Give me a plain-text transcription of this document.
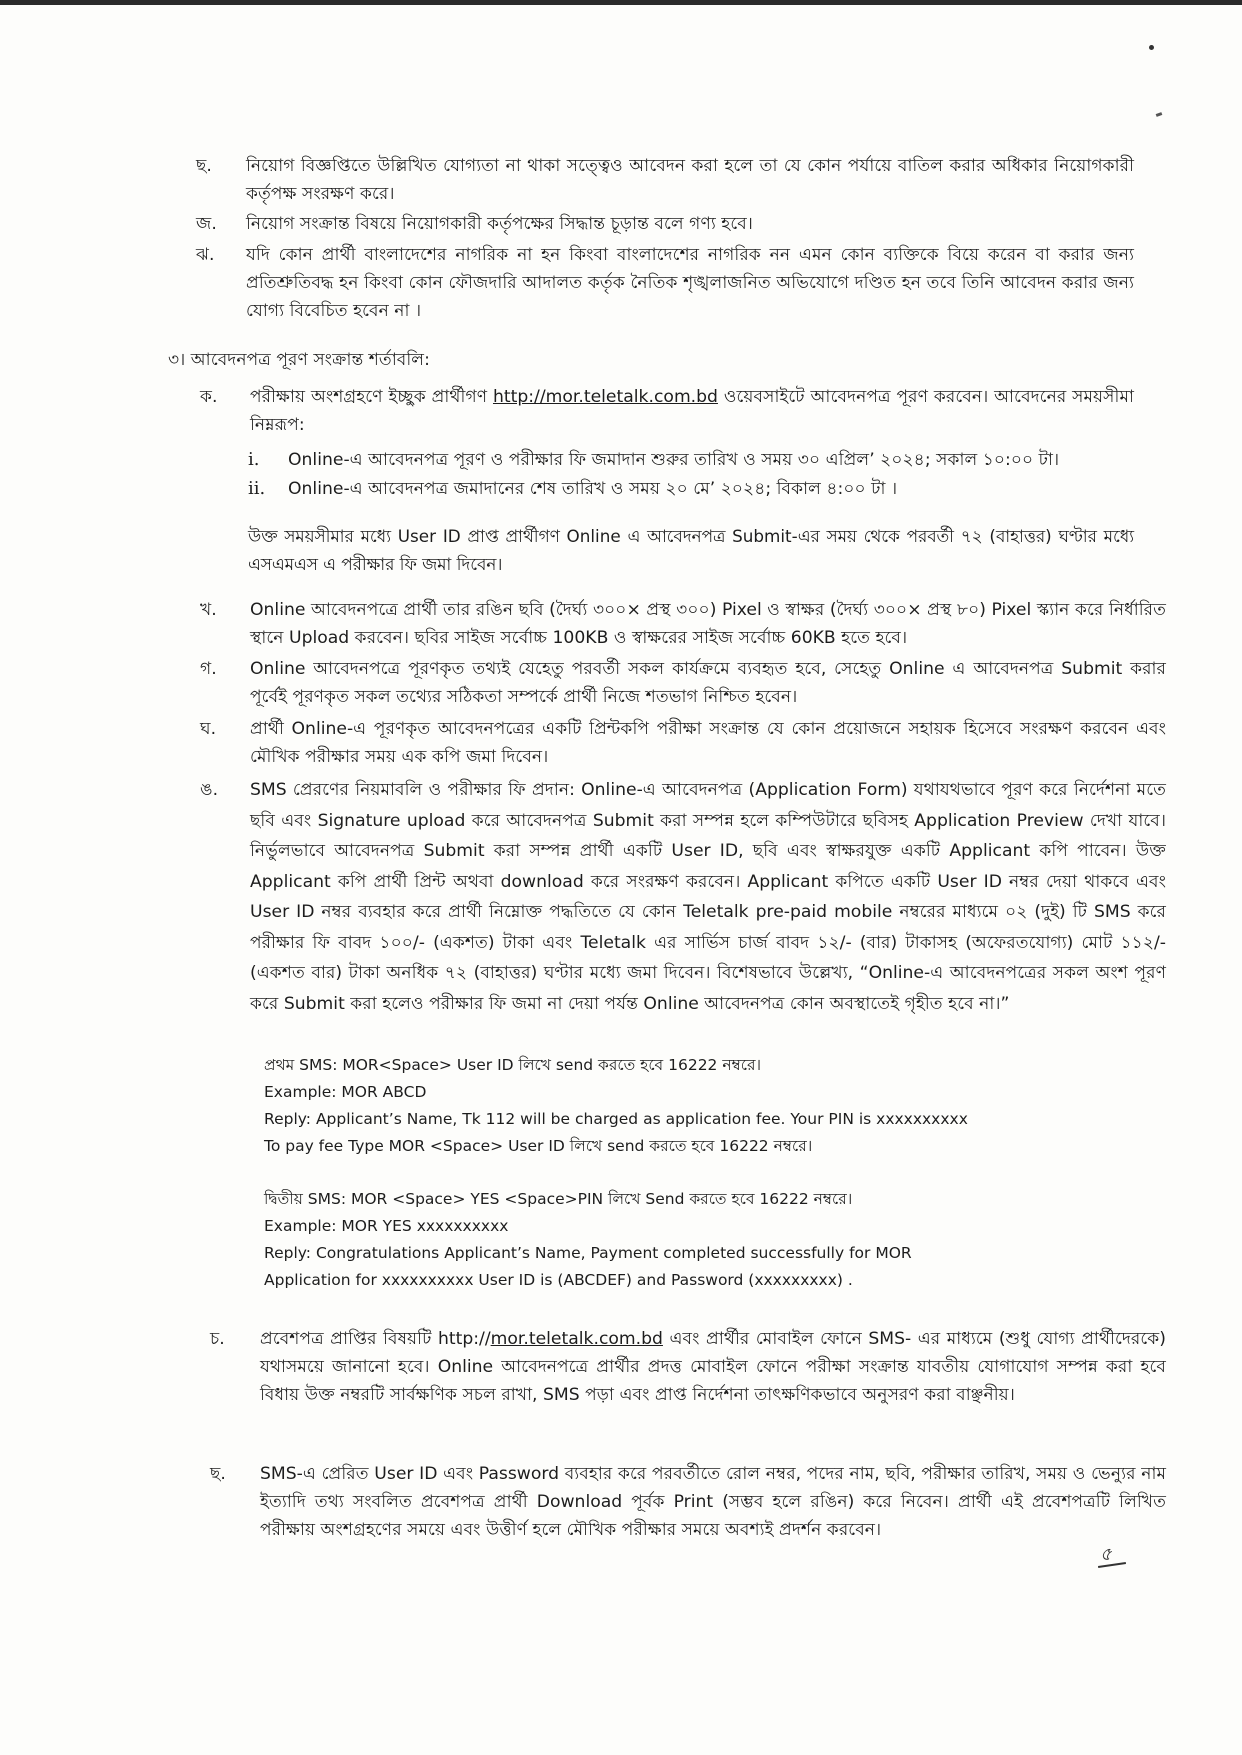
ছ.	নিয়োগ বিজ্ঞপ্তিতে উল্লিখিত যোগ্যতা না থাকা সত্ত্বেও আবেদন করা হলে তা যে কোন পর্যায়ে বাতিল করার অধিকার নিয়োগকারী কর্তৃপক্ষ সংরক্ষণ করে।
জ.	নিয়োগ সংক্রান্ত বিষয়ে নিয়োগকারী কর্তৃপক্ষের সিদ্ধান্ত চূড়ান্ত বলে গণ্য হবে।
ঝ.	যদি কোন প্রার্থী বাংলাদেশের নাগরিক না হন কিংবা বাংলাদেশের নাগরিক নন এমন কোন ব্যক্তিকে বিয়ে করেন বা করার জন্য প্রতিশ্রুতিবদ্ধ হন কিংবা কোন ফৌজদারি আদালত কর্তৃক নৈতিক শৃঙ্খলাজনিত অভিযোগে দণ্ডিত হন তবে তিনি আবেদন করার জন্য যোগ্য বিবেচিত হবেন না ।
৩। আবেদনপত্র পূরণ সংক্রান্ত শর্তাবলি:
ক.	পরীক্ষায় অংশগ্রহণে ইচ্ছুক প্রার্থীগণ http://mor.teletalk.com.bd ওয়েবসাইটে আবেদনপত্র পূরণ করবেন। আবেদনের সময়সীমা নিম্নরূপ:
i. Online-এ আবেদনপত্র পূরণ ও পরীক্ষার ফি জমাদান শুরুর তারিখ ও সময় ৩০ এপ্রিল’ ২০২৪; সকাল ১০:০০ টা।
ii. Online-এ আবেদনপত্র জমাদানের শেষ তারিখ ও সময় ২০ মে’ ২০২৪; বিকাল ৪:০০ টা ।
উক্ত সময়সীমার মধ্যে User ID প্রাপ্ত প্রার্থীগণ Online এ আবেদনপত্র Submit-এর সময় থেকে পরবর্তী ৭২ (বাহাত্তর) ঘণ্টার মধ্যে এসএমএস এ পরীক্ষার ফি জমা দিবেন।
খ.	Online আবেদনপত্রে প্রার্থী তার রঙিন ছবি (দৈর্ঘ্য ৩০০× প্রস্থ ৩০০) Pixel ও স্বাক্ষর (দৈর্ঘ্য ৩০০× প্রস্থ ৮০) Pixel স্ক্যান করে নির্ধারিত স্থানে Upload করবেন। ছবির সাইজ সর্বোচ্চ 100KB ও স্বাক্ষরের সাইজ সর্বোচ্চ 60KB হতে হবে।
গ.	Online আবেদনপত্রে পূরণকৃত তথ্যই যেহেতু পরবর্তী সকল কার্যক্রমে ব্যবহৃত হবে, সেহেতু Online এ আবেদনপত্র Submit করার পূর্বেই পূরণকৃত সকল তথ্যের সঠিকতা সম্পর্কে প্রার্থী নিজে শতভাগ নিশ্চিত হবেন।
ঘ.	প্রার্থী Online-এ পূরণকৃত আবেদনপত্রের একটি প্রিন্টকপি পরীক্ষা সংক্রান্ত যে কোন প্রয়োজনে সহায়ক হিসেবে সংরক্ষণ করবেন এবং মৌখিক পরীক্ষার সময় এক কপি জমা দিবেন।
ঙ.	SMS প্রেরণের নিয়মাবলি ও পরীক্ষার ফি প্রদান: Online-এ আবেদনপত্র (Application Form) যথাযথভাবে পূরণ করে নির্দেশনা মতে ছবি এবং Signature upload করে আবেদনপত্র Submit করা সম্পন্ন হলে কম্পিউটারে ছবিসহ Application Preview দেখা যাবে। নির্ভুলভাবে আবেদনপত্র Submit করা সম্পন্ন প্রার্থী একটি User ID, ছবি এবং স্বাক্ষরযুক্ত একটি Applicant কপি পাবেন। উক্ত Applicant কপি প্রার্থী প্রিন্ট অথবা download করে সংরক্ষণ করবেন। Applicant কপিতে একটি User ID নম্বর দেয়া থাকবে এবং User ID নম্বর ব্যবহার করে প্রার্থী নিম্নোক্ত পদ্ধতিতে যে কোন Teletalk pre-paid mobile নম্বরের মাধ্যমে ০২ (দুই) টি SMS করে পরীক্ষার ফি বাবদ ১০০/- (একশত) টাকা এবং Teletalk এর সার্ভিস চার্জ বাবদ ১২/- (বার) টাকাসহ (অফেরতযোগ্য) মোট ১১২/- (একশত বার) টাকা অনধিক ৭২ (বাহাত্তর) ঘণ্টার মধ্যে জমা দিবেন। বিশেষভাবে উল্লেখ্য, “Online-এ আবেদনপত্রের সকল অংশ পূরণ করে Submit করা হলেও পরীক্ষার ফি জমা না দেয়া পর্যন্ত Online আবেদনপত্র কোন অবস্থাতেই গৃহীত হবে না।”
প্রথম SMS: MOR<Space> User ID লিখে send করতে হবে 16222 নম্বরে।
Example: MOR ABCD
Reply: Applicant’s Name, Tk 112 will be charged as application fee. Your PIN is xxxxxxxxxx
To pay fee Type MOR <Space> User ID লিখে send করতে হবে 16222 নম্বরে।
দ্বিতীয় SMS: MOR <Space> YES <Space>PIN লিখে Send করতে হবে 16222 নম্বরে।
Example: MOR YES xxxxxxxxxx
Reply: Congratulations Applicant’s Name, Payment completed successfully for MOR
Application for xxxxxxxxxx User ID is (ABCDEF) and Password (xxxxxxxxx) .
চ.	প্রবেশপত্র প্রাপ্তির বিষয়টি http://mor.teletalk.com.bd এবং প্রার্থীর মোবাইল ফোনে SMS- এর মাধ্যমে (শুধু যোগ্য প্রার্থীদেরকে) যথাসময়ে জানানো হবে। Online আবেদনপত্রে প্রার্থীর প্রদত্ত মোবাইল ফোনে পরীক্ষা সংক্রান্ত যাবতীয় যোগাযোগ সম্পন্ন করা হবে বিধায় উক্ত নম্বরটি সার্বক্ষণিক সচল রাখা, SMS পড়া এবং প্রাপ্ত নির্দেশনা তাৎক্ষণিকভাবে অনুসরণ করা বাঞ্ছনীয়।
ছ.	SMS-এ প্রেরিত User ID এবং Password ব্যবহার করে পরবর্তীতে রোল নম্বর, পদের নাম, ছবি, পরীক্ষার তারিখ, সময় ও ভেন্যুর নাম ইত্যাদি তথ্য সংবলিত প্রবেশপত্র প্রার্থী Download পূর্বক Print (সম্ভব হলে রঙিন) করে নিবেন। প্রার্থী এই প্রবেশপত্রটি লিখিত পরীক্ষায় অংশগ্রহণের সময়ে এবং উত্তীর্ণ হলে মৌখিক পরীক্ষার সময়ে অবশ্যই প্রদর্শন করবেন।
৫
